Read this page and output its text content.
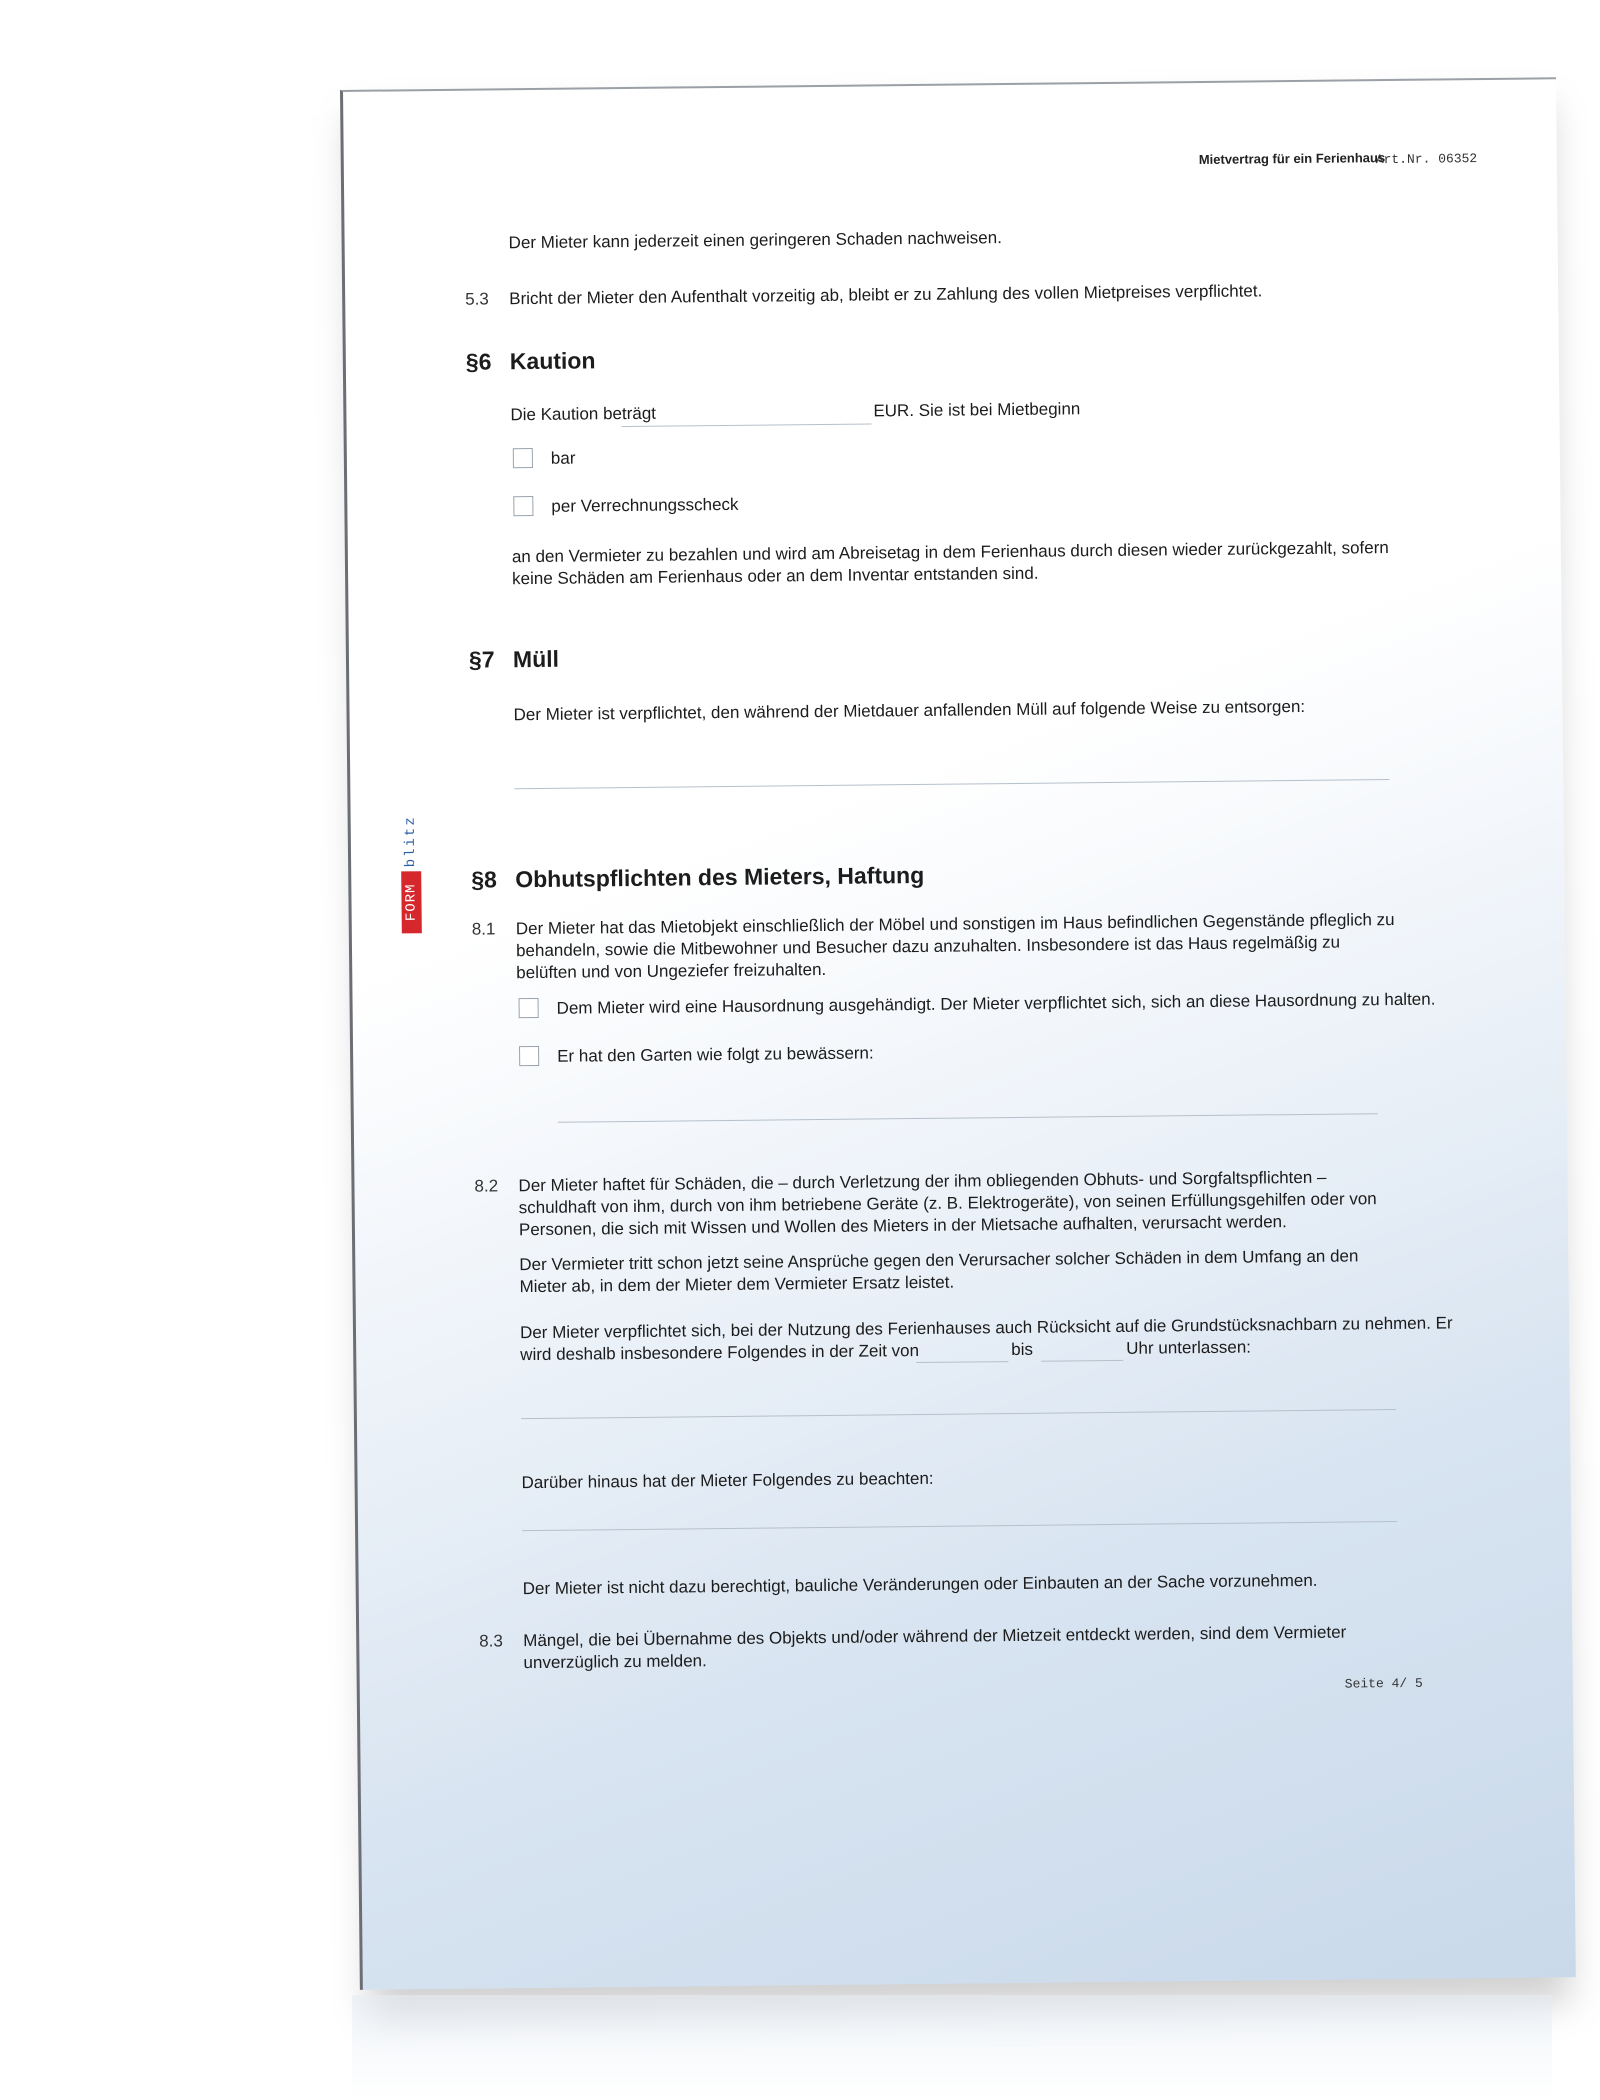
Mietvertrag für ein Ferienhaus
Art.Nr. 06352
FORM
blitz
Der Mieter kann jederzeit einen geringeren Schaden nachweisen.
5.3 Bricht der Mieter den Aufenthalt vorzeitig ab, bleibt er zu Zahlung des vollen Mietpreises verpflichtet.
§6 Kaution
Die Kaution beträgt	EUR. Sie ist bei Mietbeginn
bar
per Verrechnungsscheck
an den Vermieter zu bezahlen und wird am Abreisetag in dem Ferienhaus durch diesen wieder zurückgezahlt, sofern keine Schäden am Ferienhaus oder an dem Inventar entstanden sind.
§7 Müll
Der Mieter ist verpflichtet, den während der Mietdauer anfallenden Müll auf folgende Weise zu entsorgen:
§8 Obhutspflichten des Mieters, Haftung
8.1 Der Mieter hat das Mietobjekt einschließlich der Möbel und sonstigen im Haus befindlichen Gegenstände pfleglich zu behandeln, sowie die Mitbewohner und Besucher dazu anzuhalten. Insbesondere ist das Haus regelmäßig zu belüften und von Ungeziefer freizuhalten.
Dem Mieter wird eine Hausordnung ausgehändigt. Der Mieter verpflichtet sich, sich an diese Hausordnung zu halten.
Er hat den Garten wie folgt zu bewässern:
8.2 Der Mieter haftet für Schäden, die – durch Verletzung der ihm obliegenden Obhuts- und Sorgfaltspflichten – schuldhaft von ihm, durch von ihm betriebene Geräte (z. B. Elektrogeräte), von seinen Erfüllungsgehilfen oder von Personen, die sich mit Wissen und Wollen des Mieters in der Mietsache aufhalten, verursacht werden.
Der Vermieter tritt schon jetzt seine Ansprüche gegen den Verursacher solcher Schäden in dem Umfang an den Mieter ab, in dem der Mieter dem Vermieter Ersatz leistet.
Der Mieter verpflichtet sich, bei der Nutzung des Ferienhauses auch Rücksicht auf die Grundstücksnachbarn zu nehmen. Er
wird deshalb insbesondere Folgendes in der Zeit von	bis	Uhr unterlassen:
Darüber hinaus hat der Mieter Folgendes zu beachten:
Der Mieter ist nicht dazu berechtigt, bauliche Veränderungen oder Einbauten an der Sache vorzunehmen.
8.3 Mängel, die bei Übernahme des Objekts und/oder während der Mietzeit entdeckt werden, sind dem Vermieter unverzüglich zu melden.
Seite 4/ 5
